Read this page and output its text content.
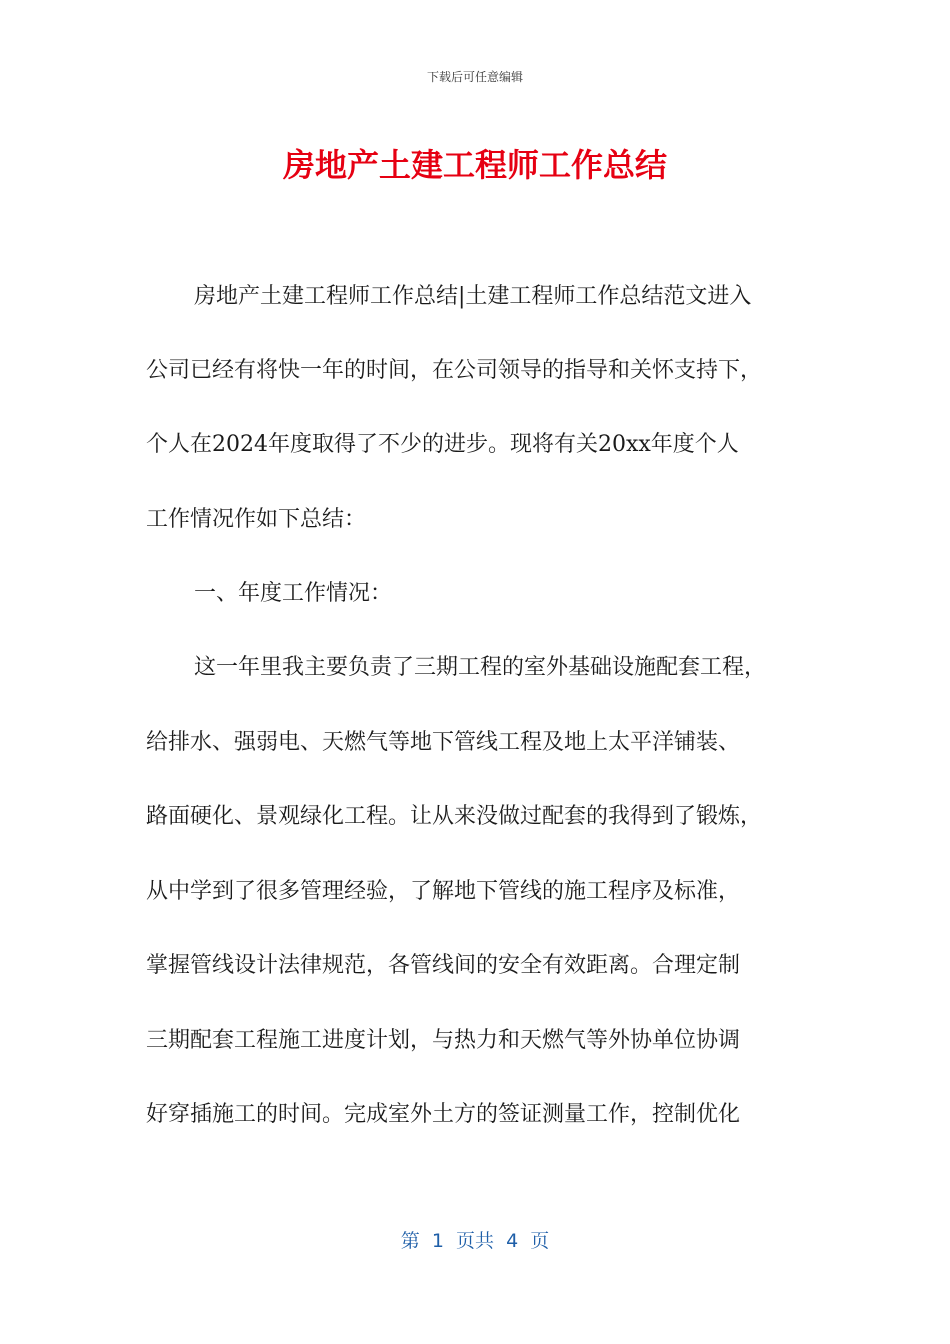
下载后可任意编辑
房地产土建工程师工作总结
房地产土建工程师工作总结|土建工程师工作总结范文进入
公司已经有将快一年的时间，在公司领导的指导和关怀支持下，
个人在2024年度取得了不少的进步。现将有关20xx年度个人
工作情况作如下总结：
一、年度工作情况：
这一年里我主要负责了三期工程的室外基础设施配套工程，
给排水、强弱电、天燃气等地下管线工程及地上太平洋铺装、
路面硬化、景观绿化工程。让从来没做过配套的我得到了锻炼，
从中学到了很多管理经验，了解地下管线的施工程序及标准，
掌握管线设计法律规范，各管线间的安全有效距离。合理定制
三期配套工程施工进度计划，与热力和天燃气等外协单位协调
好穿插施工的时间。完成室外土方的签证测量工作，控制优化
第  1  页共  4  页
